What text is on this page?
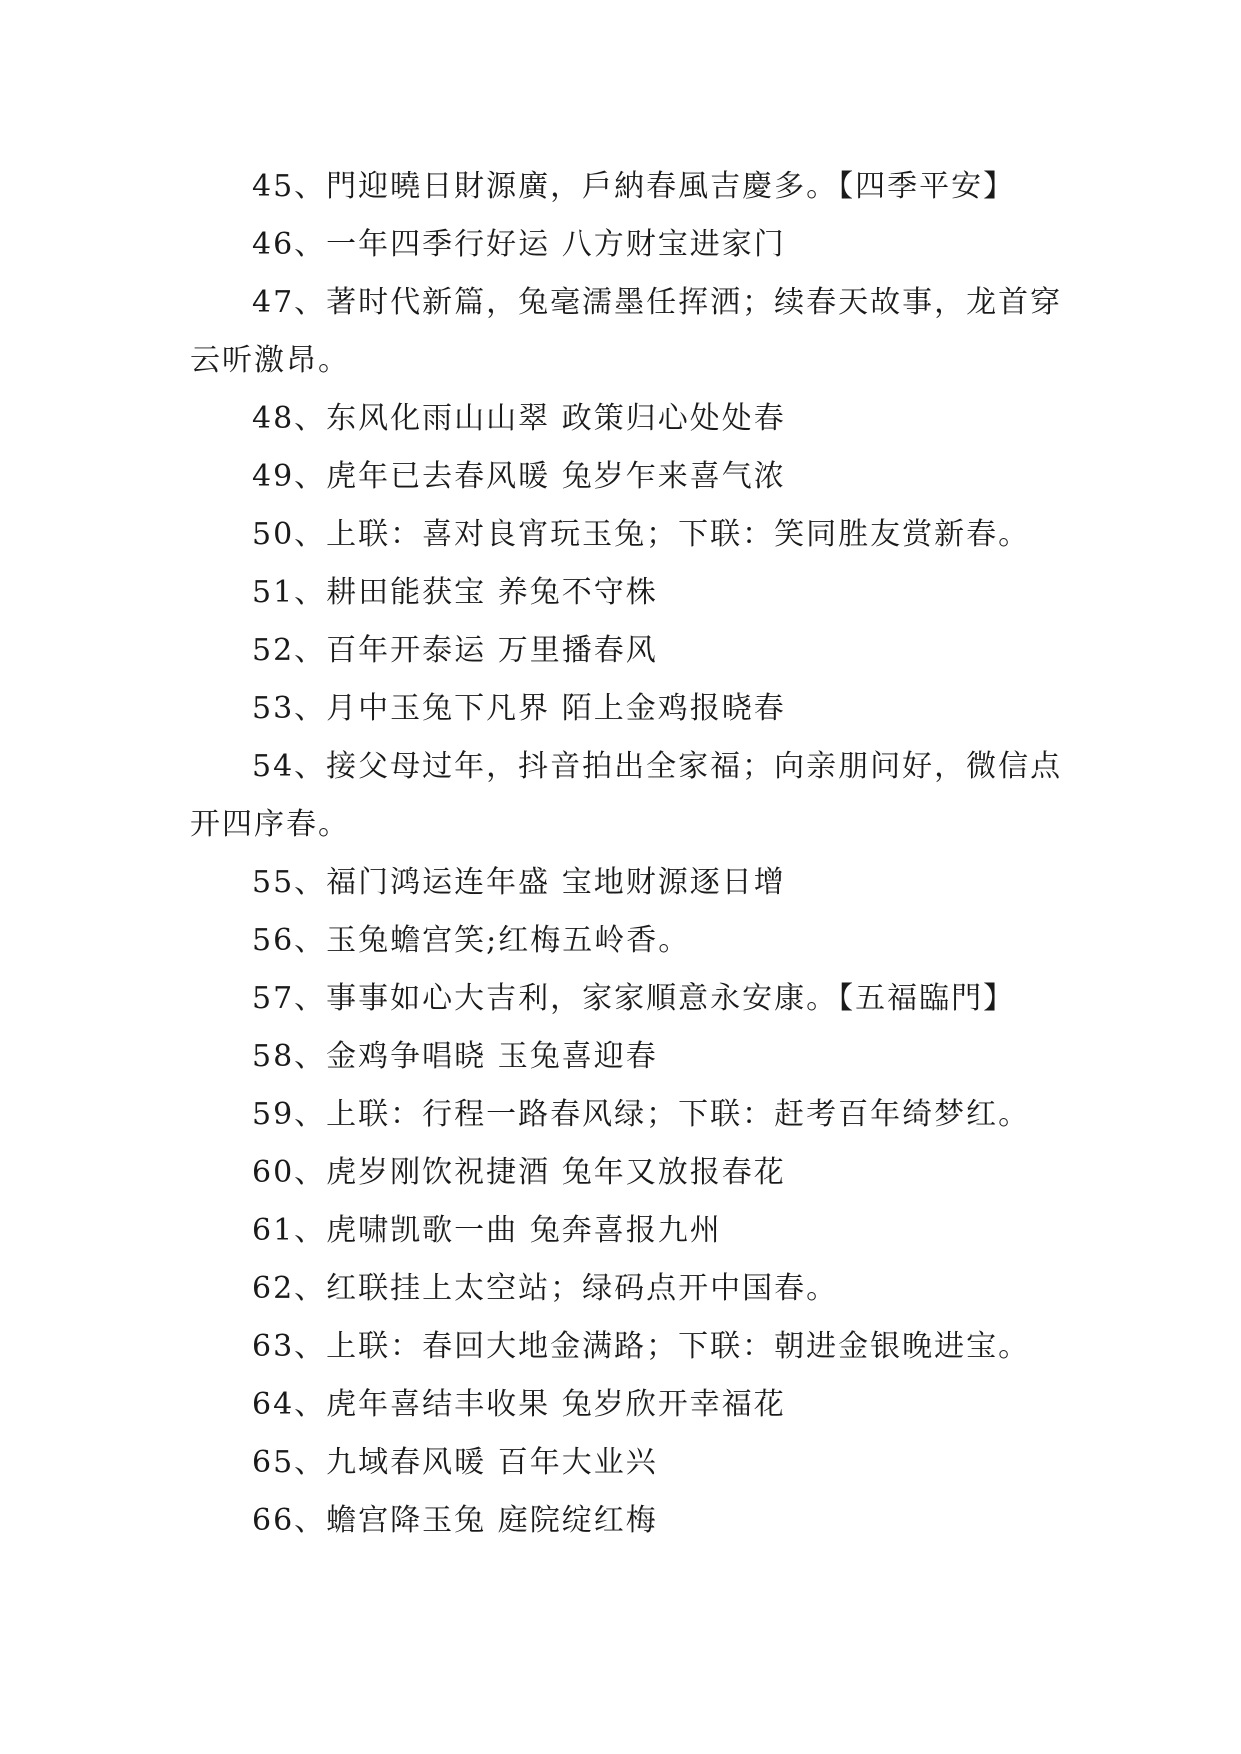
45、門迎曉日財源廣，戶納春風吉慶多。【四季平安】

46、一年四季行好运 八方财宝进家门

47、著时代新篇，兔毫濡墨任挥洒；续春天故事，龙首穿云听激昂。

48、东风化雨山山翠 政策归心处处春

49、虎年已去春风暖 兔岁乍来喜气浓

50、上联：喜对良宵玩玉兔；下联：笑同胜友赏新春。

51、耕田能获宝 养兔不守株

52、百年开泰运 万里播春风

53、月中玉兔下凡界 陌上金鸡报晓春

54、接父母过年，抖音拍出全家福；向亲朋问好，微信点开四序春。

55、福门鸿运连年盛 宝地财源逐日增

56、玉兔蟾宫笑;红梅五岭香。

57、事事如心大吉利，家家順意永安康。【五福臨門】

58、金鸡争唱晓 玉兔喜迎春

59、上联：行程一路春风绿；下联：赶考百年绮梦红。

60、虎岁刚饮祝捷酒 兔年又放报春花

61、虎啸凯歌一曲 兔奔喜报九州

62、红联挂上太空站；绿码点开中国春。

63、上联：春回大地金满路；下联：朝进金银晚进宝。

64、虎年喜结丰收果 兔岁欣开幸福花

65、九域春风暖 百年大业兴

66、蟾宫降玉兔 庭院绽红梅
